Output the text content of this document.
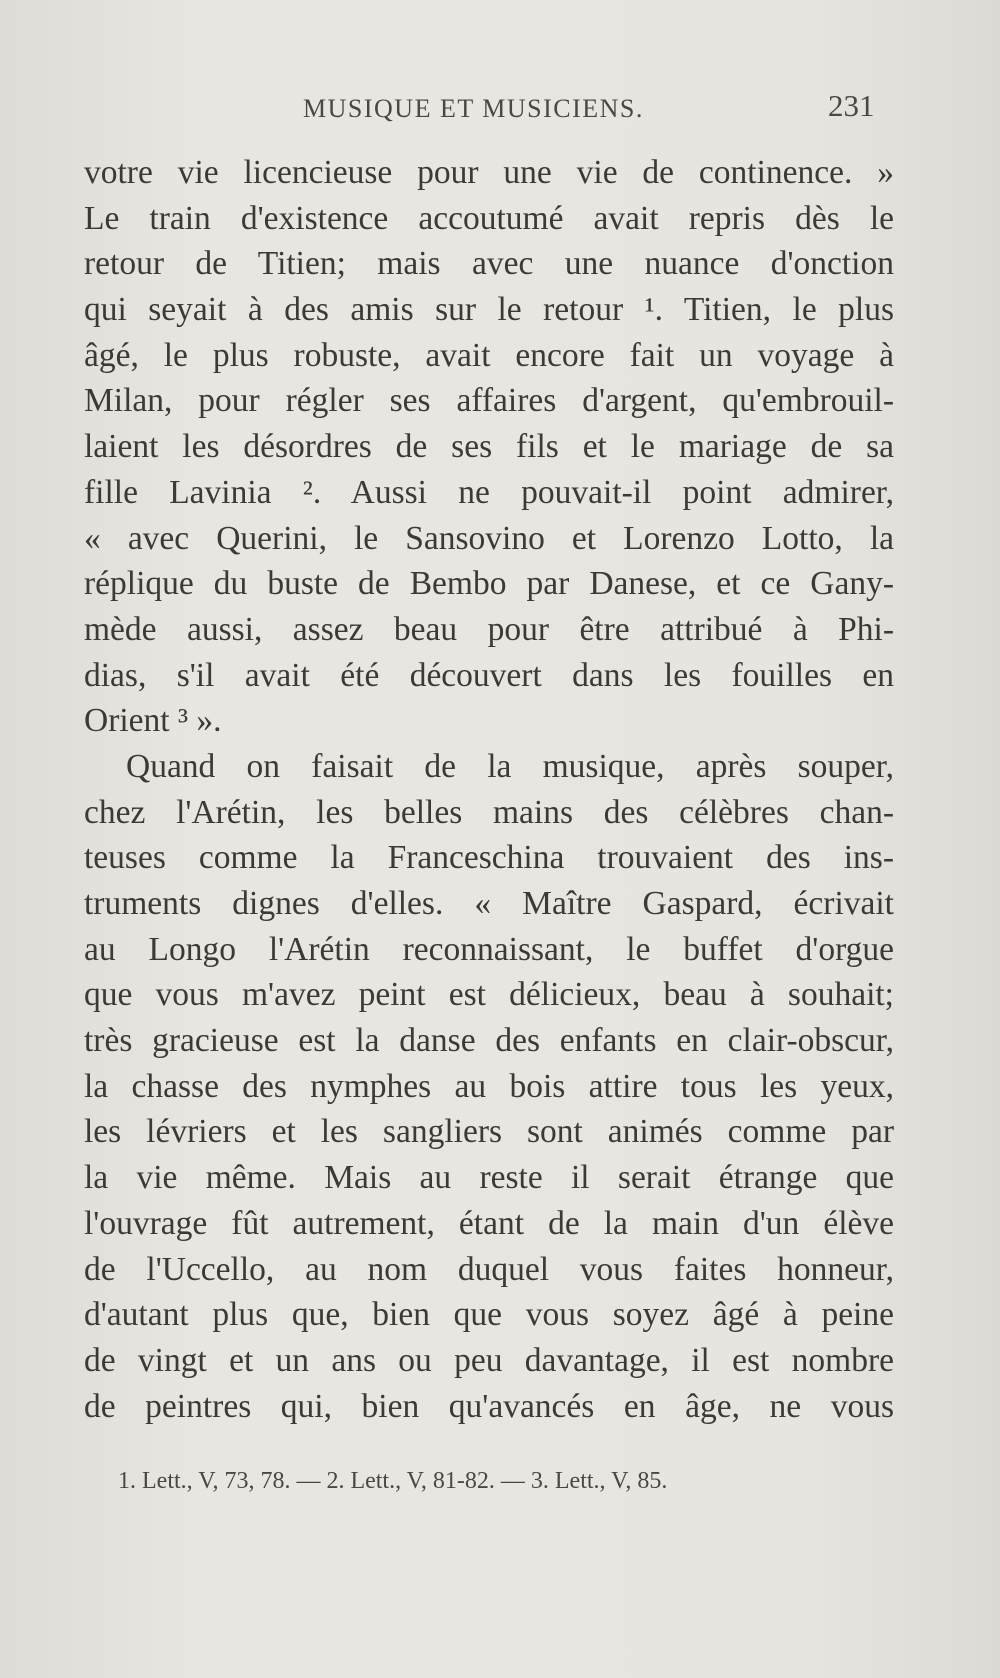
MUSIQUE ET MUSICIENS.	231
votre vie licencieuse pour une vie de continence. »
Le train d'existence accoutumé avait repris dès le
retour de Titien; mais avec une nuance d'onction
qui seyait à des amis sur le retour ¹. Titien, le plus
âgé, le plus robuste, avait encore fait un voyage à
Milan, pour régler ses affaires d'argent, qu'embrouil-
laient les désordres de ses fils et le mariage de sa
fille Lavinia ². Aussi ne pouvait-il point admirer,
« avec Querini, le Sansovino et Lorenzo Lotto, la
réplique du buste de Bembo par Danese, et ce Gany-
mède aussi, assez beau pour être attribué à Phi-
dias, s'il avait été découvert dans les fouilles en
Orient ³ ».
Quand on faisait de la musique, après souper,
chez l'Arétin, les belles mains des célèbres chan-
teuses comme la Franceschina trouvaient des ins-
truments dignes d'elles. « Maître Gaspard, écrivait
au Longo l'Arétin reconnaissant, le buffet d'orgue
que vous m'avez peint est délicieux, beau à souhait;
très gracieuse est la danse des enfants en clair-obscur,
la chasse des nymphes au bois attire tous les yeux,
les lévriers et les sangliers sont animés comme par
la vie même. Mais au reste il serait étrange que
l'ouvrage fût autrement, étant de la main d'un élève
de l'Uccello, au nom duquel vous faites honneur,
d'autant plus que, bien que vous soyez âgé à peine
de vingt et un ans ou peu davantage, il est nombre
de peintres qui, bien qu'avancés en âge, ne vous
1. Lett., V, 73, 78. — 2. Lett., V, 81-82. — 3. Lett., V, 85.
